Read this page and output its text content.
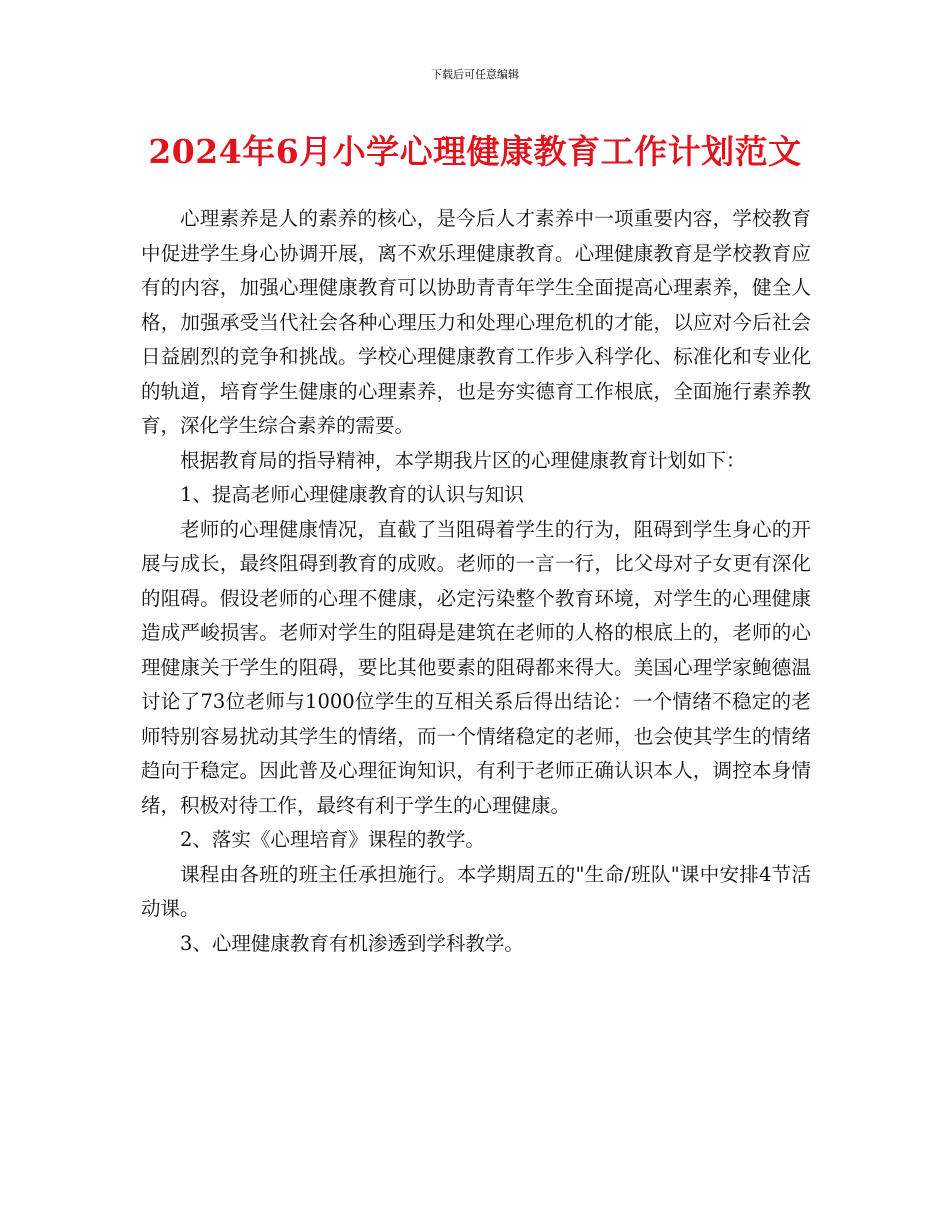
下载后可任意编辑
2024年6月小学心理健康教育工作计划范文

心理素养是人的素养的核心，是今后人才素养中一项重要内容，学校教育中促进学生身心协调开展，离不欢乐理健康教育。心理健康教育是学校教育应有的内容，加强心理健康教育可以协助青青年学生全面提高心理素养，健全人格，加强承受当代社会各种心理压力和处理心理危机的才能，以应对今后社会日益剧烈的竞争和挑战。学校心理健康教育工作步入科学化、标准化和专业化的轨道，培育学生健康的心理素养，也是夯实德育工作根底，全面施行素养教育，深化学生综合素养的需要。

根据教育局的指导精神，本学期我片区的心理健康教育计划如下：

1、提高老师心理健康教育的认识与知识

老师的心理健康情况，直截了当阻碍着学生的行为，阻碍到学生身心的开展与成长，最终阻碍到教育的成败。老师的一言一行，比父母对子女更有深化的阻碍。假设老师的心理不健康，必定污染整个教育环境，对学生的心理健康造成严峻损害。老师对学生的阻碍是建筑在老师的人格的根底上的，老师的心理健康关于学生的阻碍，要比其他要素的阻碍都来得大。美国心理学家鲍德温讨论了73位老师与1000位学生的互相关系后得出结论：一个情绪不稳定的老师特别容易扰动其学生的情绪，而一个情绪稳定的老师，也会使其学生的情绪趋向于稳定。因此普及心理征询知识，有利于老师正确认识本人，调控本身情绪，积极对待工作，最终有利于学生的心理健康。

2、落实《心理培育》课程的教学。

课程由各班的班主任承担施行。本学期周五的"生命/班队"课中安排4节活动课。

3、心理健康教育有机渗透到学科教学。
